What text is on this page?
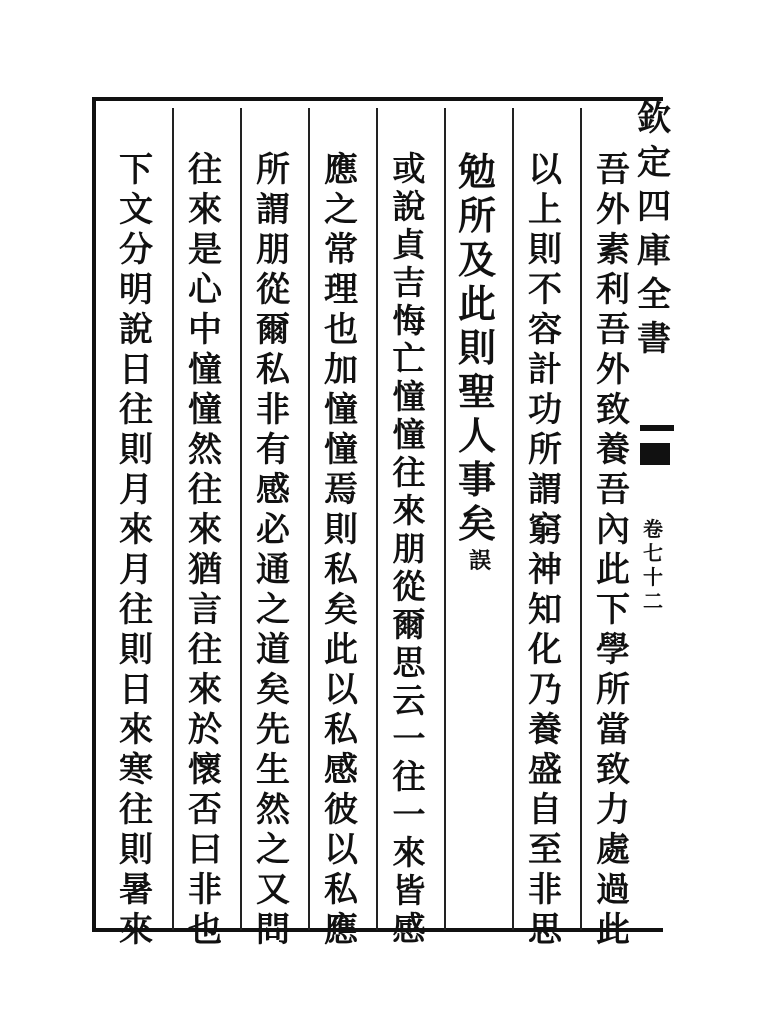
欽
定
四
庫
全
書
卷
七
十
二
吾
外
素
利
吾
外
致
養
吾
內
此
下
學
所
當
致
力
處
過
此
以
上
則
不
容
計
功
所
謂
窮
神
知
化
乃
養
盛
自
至
非
思
勉
所
及
此
則
聖
人
事
矣
誤
或
說
貞
吉
悔
亡
憧
憧
往
來
朋
從
爾
思
云
一
往
一
來
皆
感
應
之
常
理
也
加
憧
憧
焉
則
私
矣
此
以
私
感
彼
以
私
應
所
謂
朋
從
爾
私
非
有
感
必
通
之
道
矣
先
生
然
之
又
問
往
來
是
心
中
憧
憧
然
往
來
猶
言
往
來
於
懷
否
曰
非
也
下
文
分
明
說
日
往
則
月
來
月
往
則
日
來
寒
往
則
暑
來
